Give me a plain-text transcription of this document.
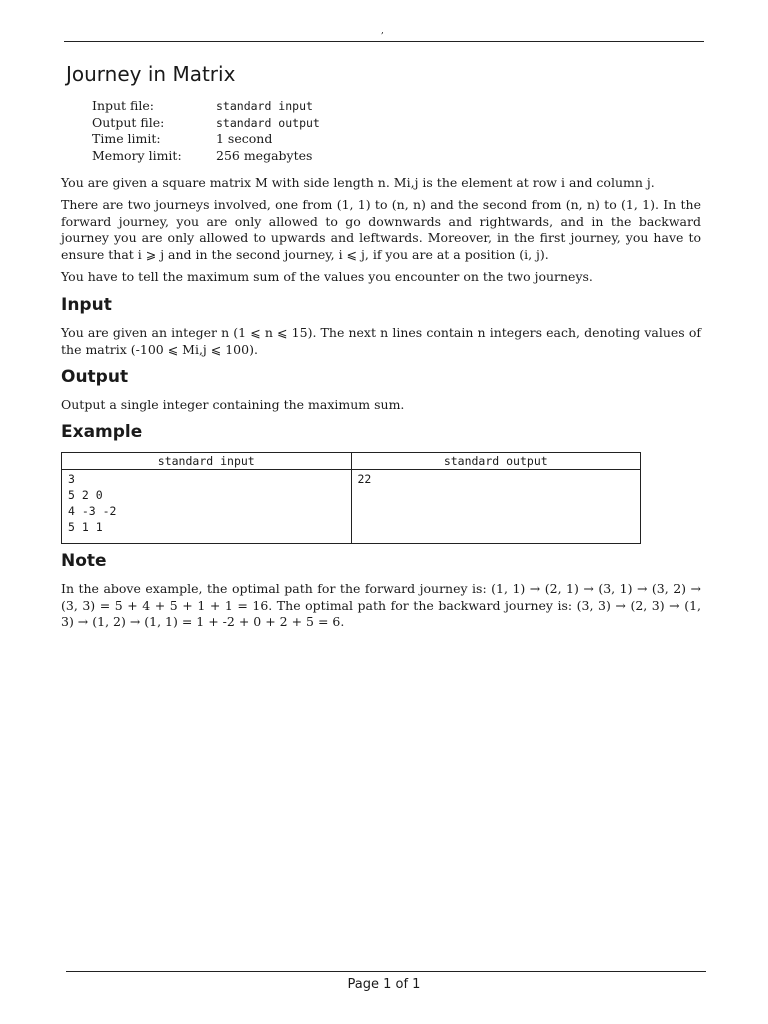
,
Journey in Matrix
Input file:	standard input
Output file:	standard output
Time limit:	1 second
Memory limit:	256 megabytes

You are given a square matrix M with side length n. Mi,j is the element at row i and column j.

There are two journeys involved, one from (1, 1) to (n, n) and the second from (n, n) to (1, 1). In the forward journey, you are only allowed to go downwards and rightwards, and in the backward journey you are only allowed to upwards and leftwards. Moreover, in the first journey, you have to ensure that i ⩾ j and in the second journey, i ⩽ j, if you are at a position (i, j).

You have to tell the maximum sum of the values you encounter on the two journeys.

Input

You are given an integer n (1 ⩽ n ⩽ 15). The next n lines contain n integers each, denoting values of the matrix (-100 ⩽ Mi,j ⩽ 100).

Output

Output a single integer containing the maximum sum.

Example
standard input	standard output

3
5 2 0
4 -3 -2
5 1 1	22
Note

In the above example, the optimal path for the forward journey is: (1, 1) → (2, 1) → (3, 1) → (3, 2) → (3, 3) = 5 + 4 + 5 + 1 + 1 = 16. The optimal path for the backward journey is: (3, 3) → (2, 3) → (1, 3) → (1, 2) → (1, 1) = 1 + -2 + 0 + 2 + 5 = 6.

Page 1 of 1
